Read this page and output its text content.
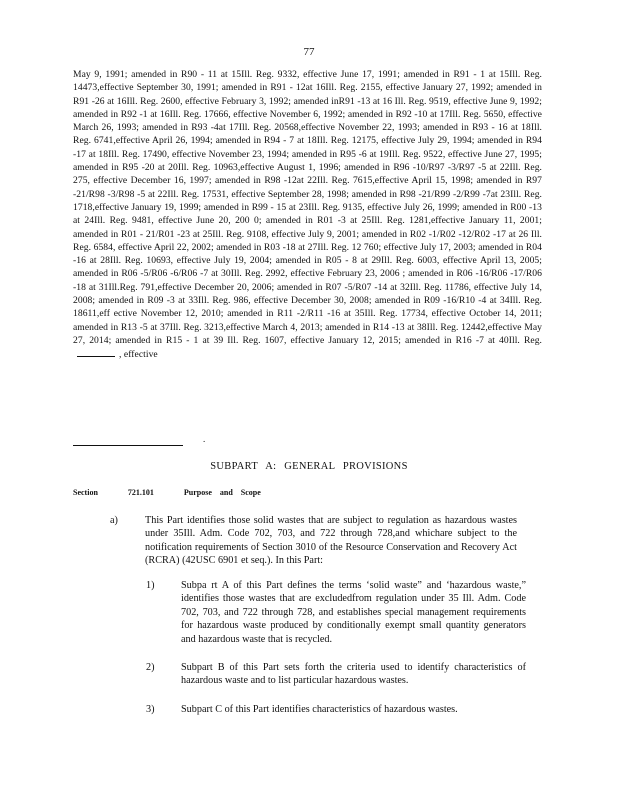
77
May 9, 1991; amended in R90 - 11 at 15Ill. Reg. 9332, effective June 17, 1991; amended in R91 - 1 at 15Ill. Reg. 14473,effective September 30, 1991; amended in R91 - 12at 16Ill. Reg. 2155, effective January 27, 1992; amended in R91 -26 at 16Ill. Reg. 2600, effective February 3, 1992; amended inR91 -13 at 16 Ill. Reg. 9519, effective June 9, 1992; amended in R92 -1 at 16Ill. Reg. 17666, effective November 6, 1992; amended in R92 -10 at 17Ill. Reg. 5650, effective March 26, 1993; amended in R93 -4at 17Ill. Reg. 20568,effective November 22, 1993; amended in R93 - 16 at 18Ill. Reg. 6741,effective April 26, 1994; amended in R94 - 7 at 18Ill. Reg. 12175, effective July 29, 1994; amended in R94 -17 at 18Ill. Reg. 17490, effective November 23, 1994; amended in R95 -6 at 19Ill. Reg. 9522, effective June 27, 1995; amended in R95 -20 at 20Ill. Reg. 10963,effective August 1, 1996; amended in R96 -10/R97 -3/R97 -5 at 22Ill. Reg. 275, effective December 16, 1997; amended in R98 -12at 22Ill. Reg. 7615,effective April 15, 1998; amended in R97 -21/R98 -3/R98 -5 at 22Ill. Reg. 17531, effective September 28, 1998; amended in R98 -21/R99 -2/R99 -7at 23Ill. Reg. 1718,effective January 19, 1999; amended in R99 - 15 at 23Ill. Reg. 9135, effective July 26, 1999; amended in R00 -13 at 24Ill. Reg. 9481, effective June 20, 200 0; amended in R01 -3 at 25Ill. Reg. 1281,effective January 11, 2001; amended in R01 - 21/R01 -23 at 25Ill. Reg. 9108, effective July 9, 2001; amended in R02 -1/R02 -12/R02 -17 at 26 Ill. Reg. 6584, effective April 22, 2002; amended in R03 -18 at 27Ill. Reg. 12 760; effective July 17, 2003; amended in R04 -16 at 28Ill. Reg. 10693, effective July 19, 2004; amended in R05 - 8 at 29Ill. Reg. 6003, effective April 13, 2005; amended in R06 -5/R06 -6/R06 -7 at 30Ill. Reg. 2992, effective February 23, 2006 ; amended in R06 -16/R06 -17/R06 -18 at 31Ill.Reg. 791,effective December 20, 2006; amended in R07 -5/R07 -14 at 32Ill. Reg. 11786, effective July 14, 2008; amended in R09 -3 at 33Ill. Reg. 986, effective December 30, 2008; amended in R09 -16/R10 -4 at 34Ill. Reg. 18611,eff ective November 12, 2010; amended in R11 -2/R11 -16 at 35Ill. Reg. 17734, effective October 14, 2011; amended in R13 -5 at 37Ill. Reg. 3213,effective March 4, 2013; amended in R14 -13 at 38Ill. Reg. 12442,effective May 27, 2014; amended in R15 - 1 at 39 Ill. Reg. 1607, effective January 12, 2015; amended in R16 -7 at 40Ill. Reg. , effective
.
SUBPART A: GENERAL PROVISIONS
Section	721.101	Purpose and Scope
a)	This Part identifies those solid wastes that are subject to regulation as hazardous wastes under 35Ill. Adm. Code 702, 703, and 722 through 728,and whichare subject to the notification requirements of Section 3010 of the Resource Conservation and Recovery Act (RCRA) (42USC 6901 et seq.). In this Part:
1)	Subpa rt A of this Part defines the terms ‘solid waste” and ‘hazardous waste,” identifies those wastes that are excludedfrom regulation under 35 Ill. Adm. Code 702, 703, and 722 through 728, and establishes special management requirements for hazardous waste produced by conditionally exempt small quantity generators and hazardous waste that is recycled.
2)	Subpart B of this Part sets forth the criteria used to identify characteristics of hazardous waste and to list particular hazardous wastes.
3)	Subpart C of this Part identifies characteristics of hazardous wastes.
